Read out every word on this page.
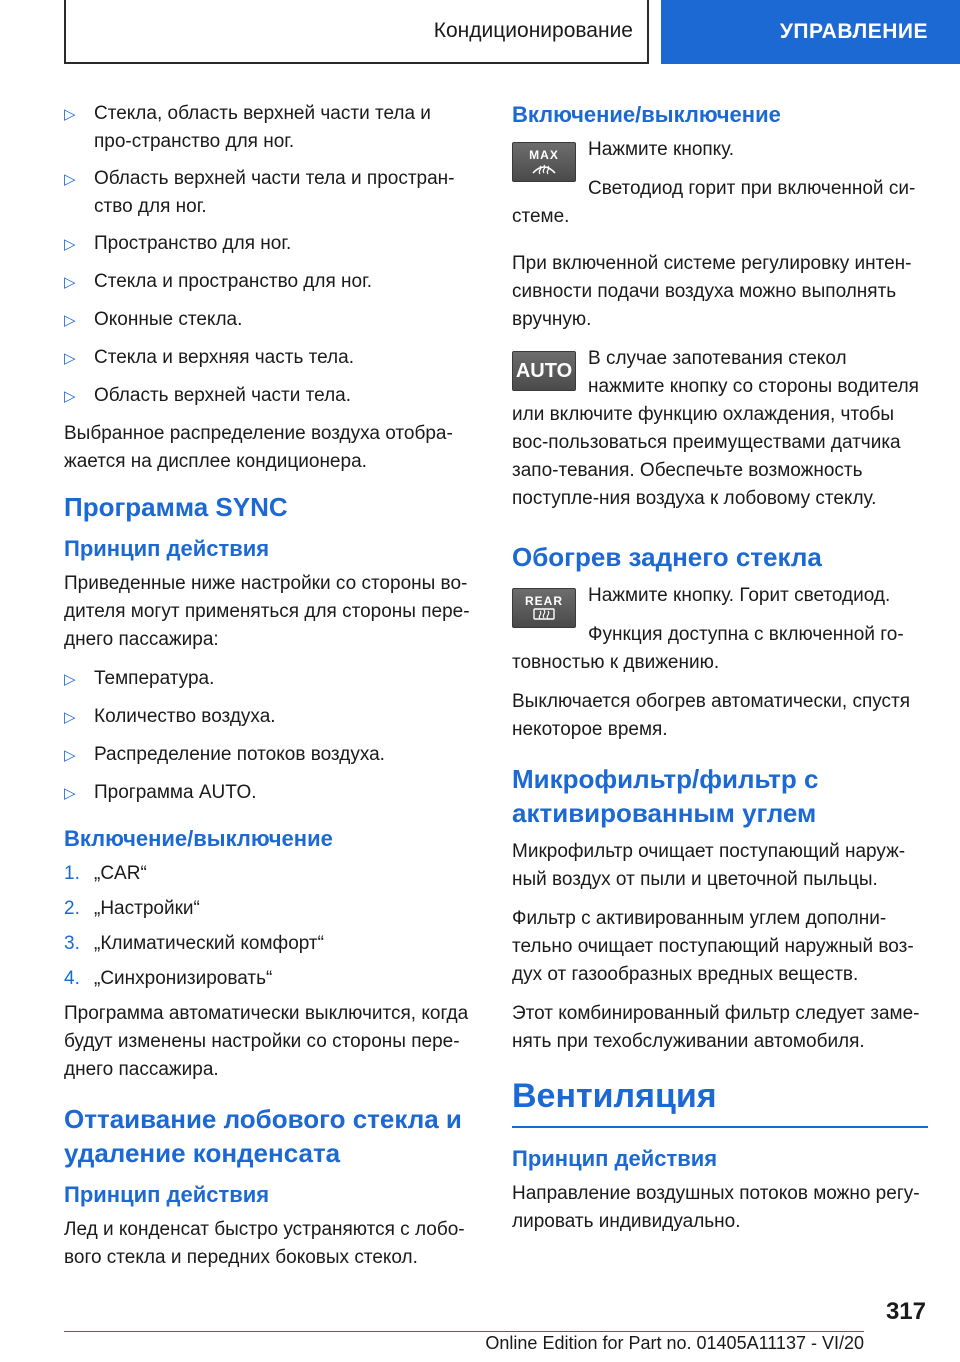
Кондиционирование	УПРАВЛЕНИЕ
▷ Стекла, область верхней части тела и про-странство для ног.
▷ Область верхней части тела и простран-ство для ног.
▷ Пространство для ног.
▷ Стекла и пространство для ног.
▷ Оконные стекла.
▷ Стекла и верхняя часть тела.
▷ Область верхней части тела.

Выбранное распределение воздуха отобра-жается на дисплее кондиционера.

Программа SYNC
Принцип действия

Приведенные ниже настройки со стороны во-дителя могут применяться для стороны пере-днего пассажира:

▷ Температура.
▷ Количество воздуха.
▷ Распределение потоков воздуха.
▷ Программа AUTO.
Включение/выключение
1. „CAR“
2. „Настройки“
3. „Климатический комфорт“
4. „Синхронизировать“

Программа автоматически выключится, когда будут изменены настройки со стороны пере-днего пассажира.

Оттаивание лобового стекла и удаление конденсата
Принцип действия

Лед и конденсат быстро устраняются с лобо-вого стекла и передних боковых стекол.

Включение/выключение
MAX	Нажмите кнопку.

Светодиод горит при включенной си-стеме.

При включенной системе регулировку интен-сивности подачи воздуха можно выполнять вручную.

AUTO

В случае запотевания стекол нажмите кнопку со стороны водителя или включите функцию охлаждения, чтобы вос-пользоваться преимуществами датчика запо-тевания. Обеспечьте возможность поступле-ния воздуха к лобовому стеклу.

Обогрев заднего стекла
REAR	Нажмите кнопку. Горит светодиод.

Функция доступна с включенной го-товностью к движению.

Выключается обогрев автоматически, спустя некоторое время.

Микрофильтр/фильтр с активированным углем

Микрофильтр очищает поступающий наруж-ный воздух от пыли и цветочной пыльцы.

Фильтр с активированным углем дополни-тельно очищает поступающий наружный воз-дух от газообразных вредных веществ.

Этот комбинированный фильтр следует заме-нять при техобслуживании автомобиля.

Вентиляция
Принцип действия

Направление воздушных потоков можно регу-лировать индивидуально.

317
Online Edition for Part no. 01405A11137 - VI/20
